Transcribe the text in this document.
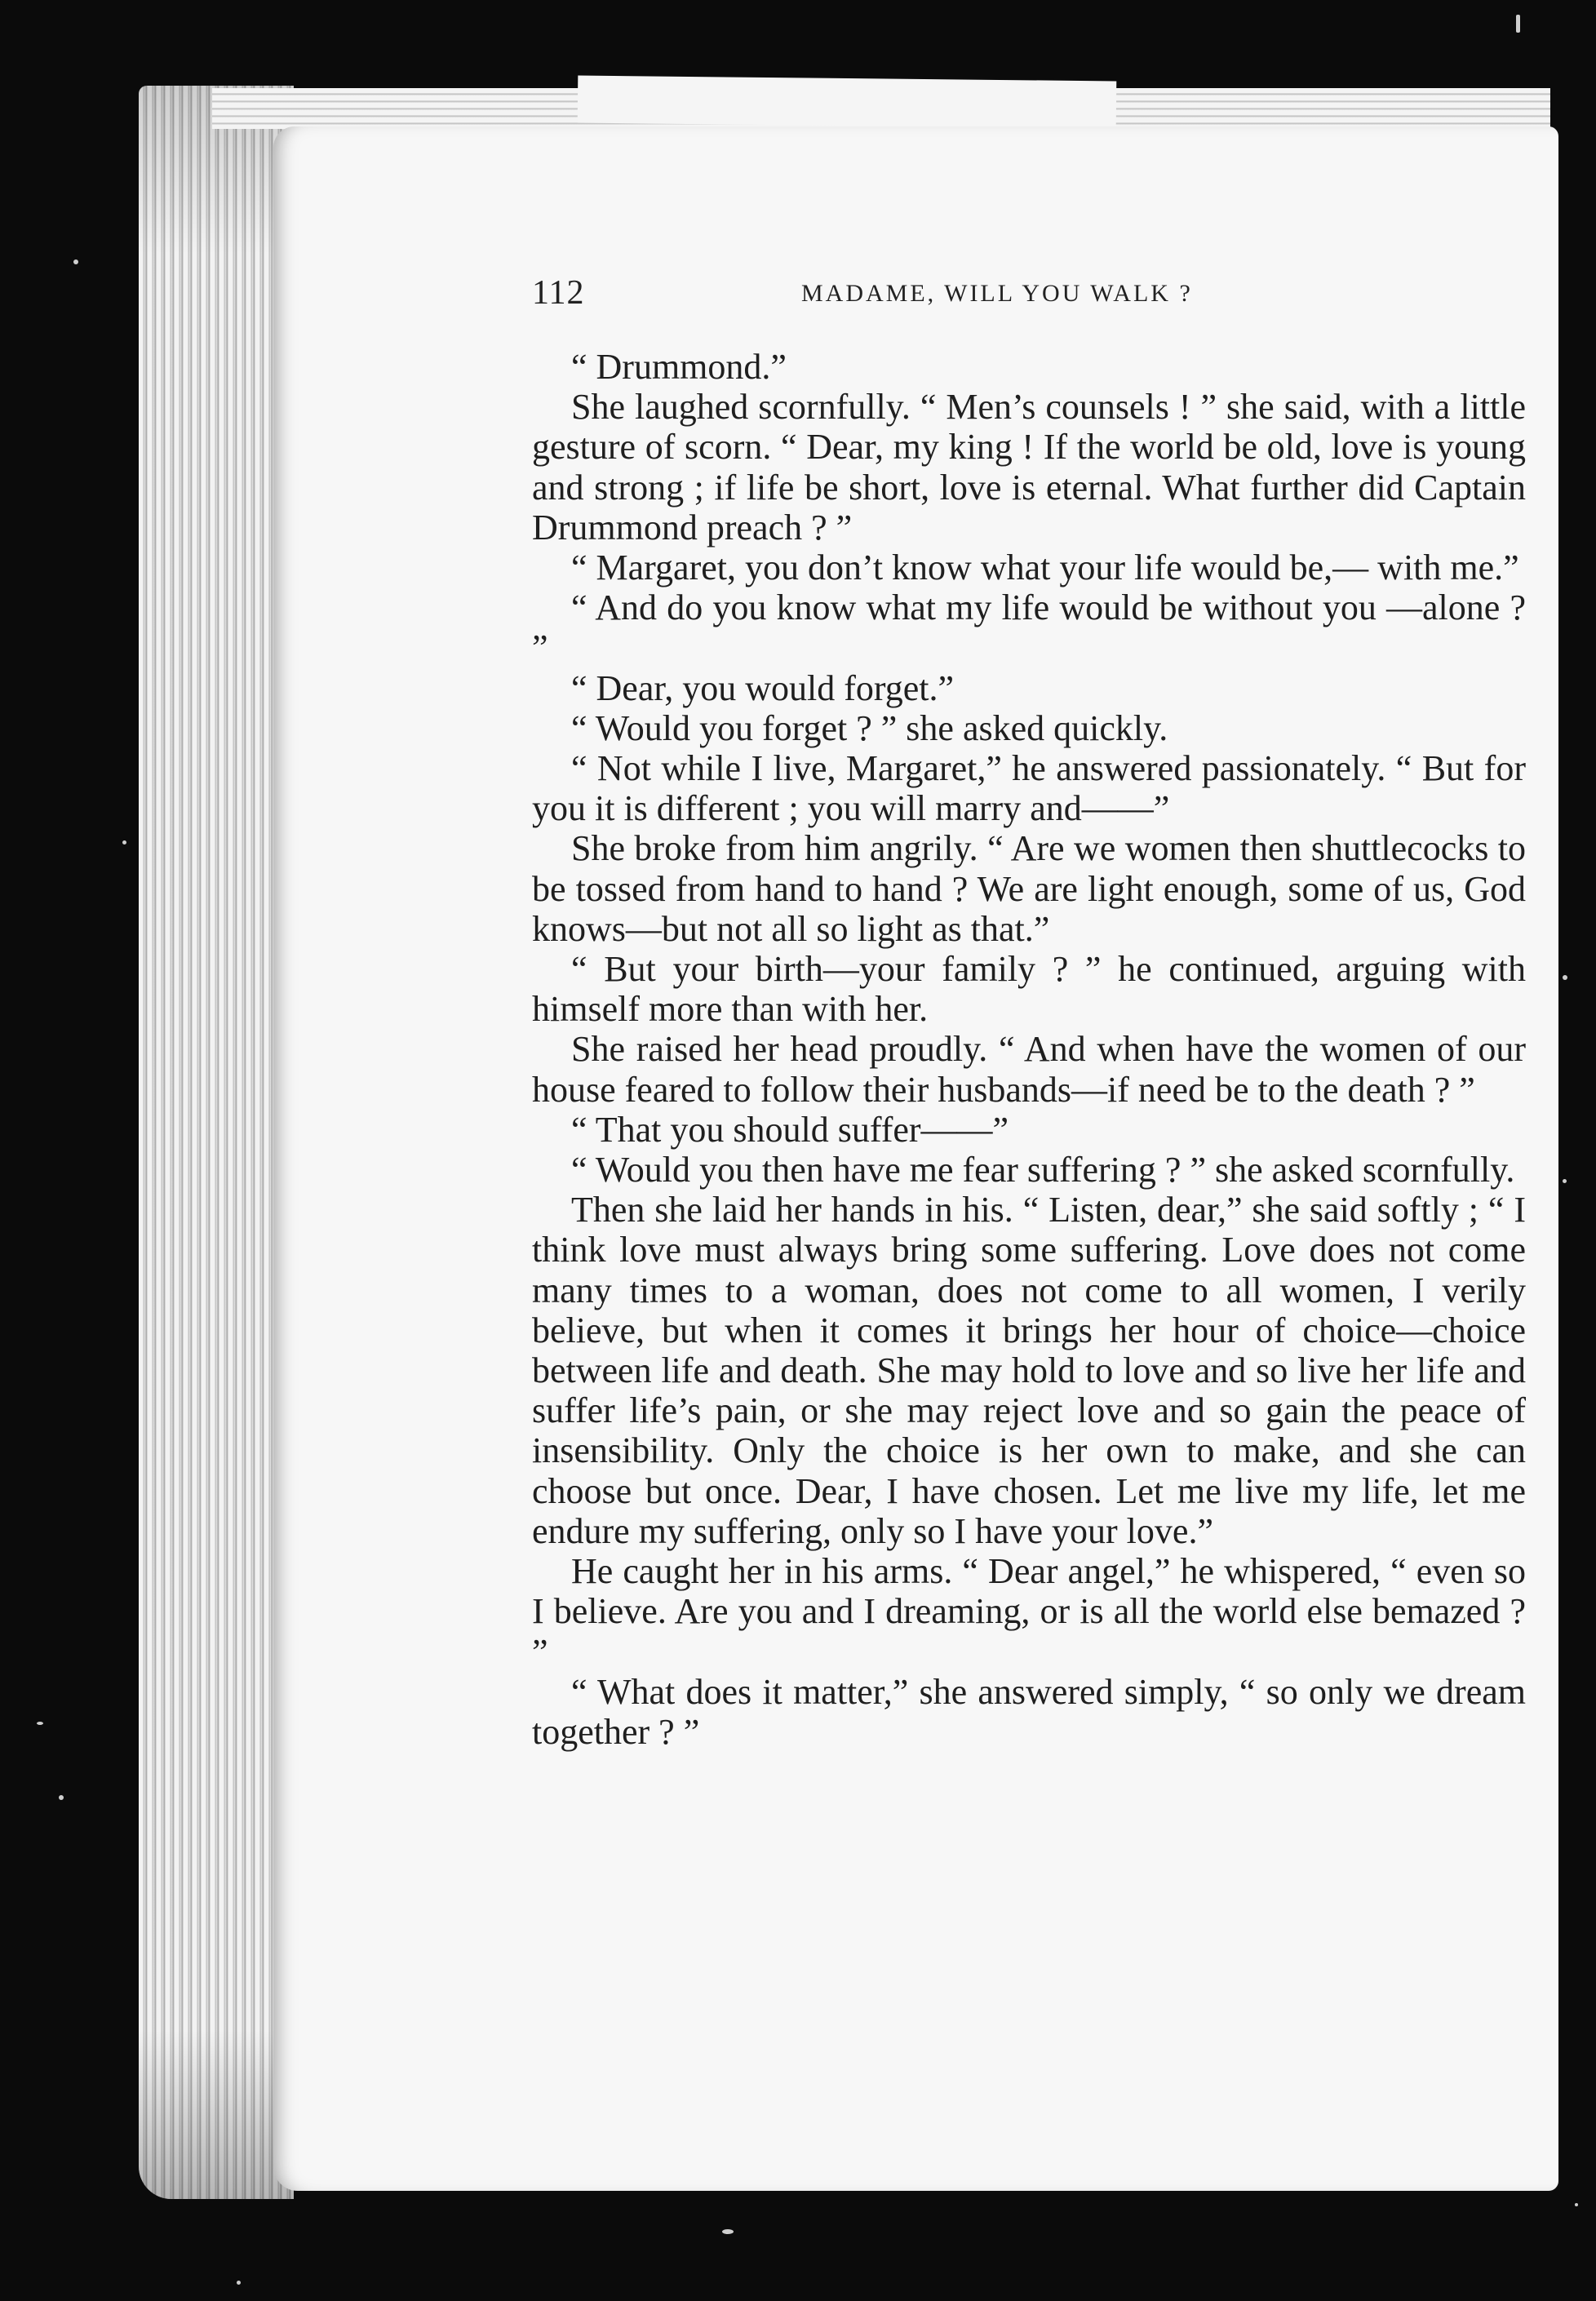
112	MADAME, WILL YOU WALK ?

“ Drummond.”

She laughed scornfully. “ Men’s counsels ! ” she said, with a little gesture of scorn. “ Dear, my king ! If the world be old, love is young and strong ; if life be short, love is eternal. What further did Captain Drummond preach ? ”

“ Margaret, you don’t know what your life would be,— with me.”

“ And do you know what my life would be without you —alone ? ”

“ Dear, you would forget.”

“ Would you forget ? ” she asked quickly.

“ Not while I live, Margaret,” he answered passionately. “ But for you it is different ; you will marry and——”

She broke from him angrily. “ Are we women then shuttlecocks to be tossed from hand to hand ? We are light enough, some of us, God knows—but not all so light as that.”

“ But your birth—your family ? ” he continued, arguing with himself more than with her.

She raised her head proudly. “ And when have the women of our house feared to follow their husbands—if need be to the death ? ”

“ That you should suffer——”

“ Would you then have me fear suffering ? ” she asked scornfully.

Then she laid her hands in his. “ Listen, dear,” she said softly ; “ I think love must always bring some suffering. Love does not come many times to a woman, does not come to all women, I verily believe, but when it comes it brings her hour of choice—choice between life and death. She may hold to love and so live her life and suffer life’s pain, or she may reject love and so gain the peace of insensibility. Only the choice is her own to make, and she can choose but once. Dear, I have chosen. Let me live my life, let me endure my suffering, only so I have your love.”

He caught her in his arms. “ Dear angel,” he whispered, “ even so I believe. Are you and I dreaming, or is all the world else bemazed ? ”

“ What does it matter,” she answered simply, “ so only we dream together ? ”
